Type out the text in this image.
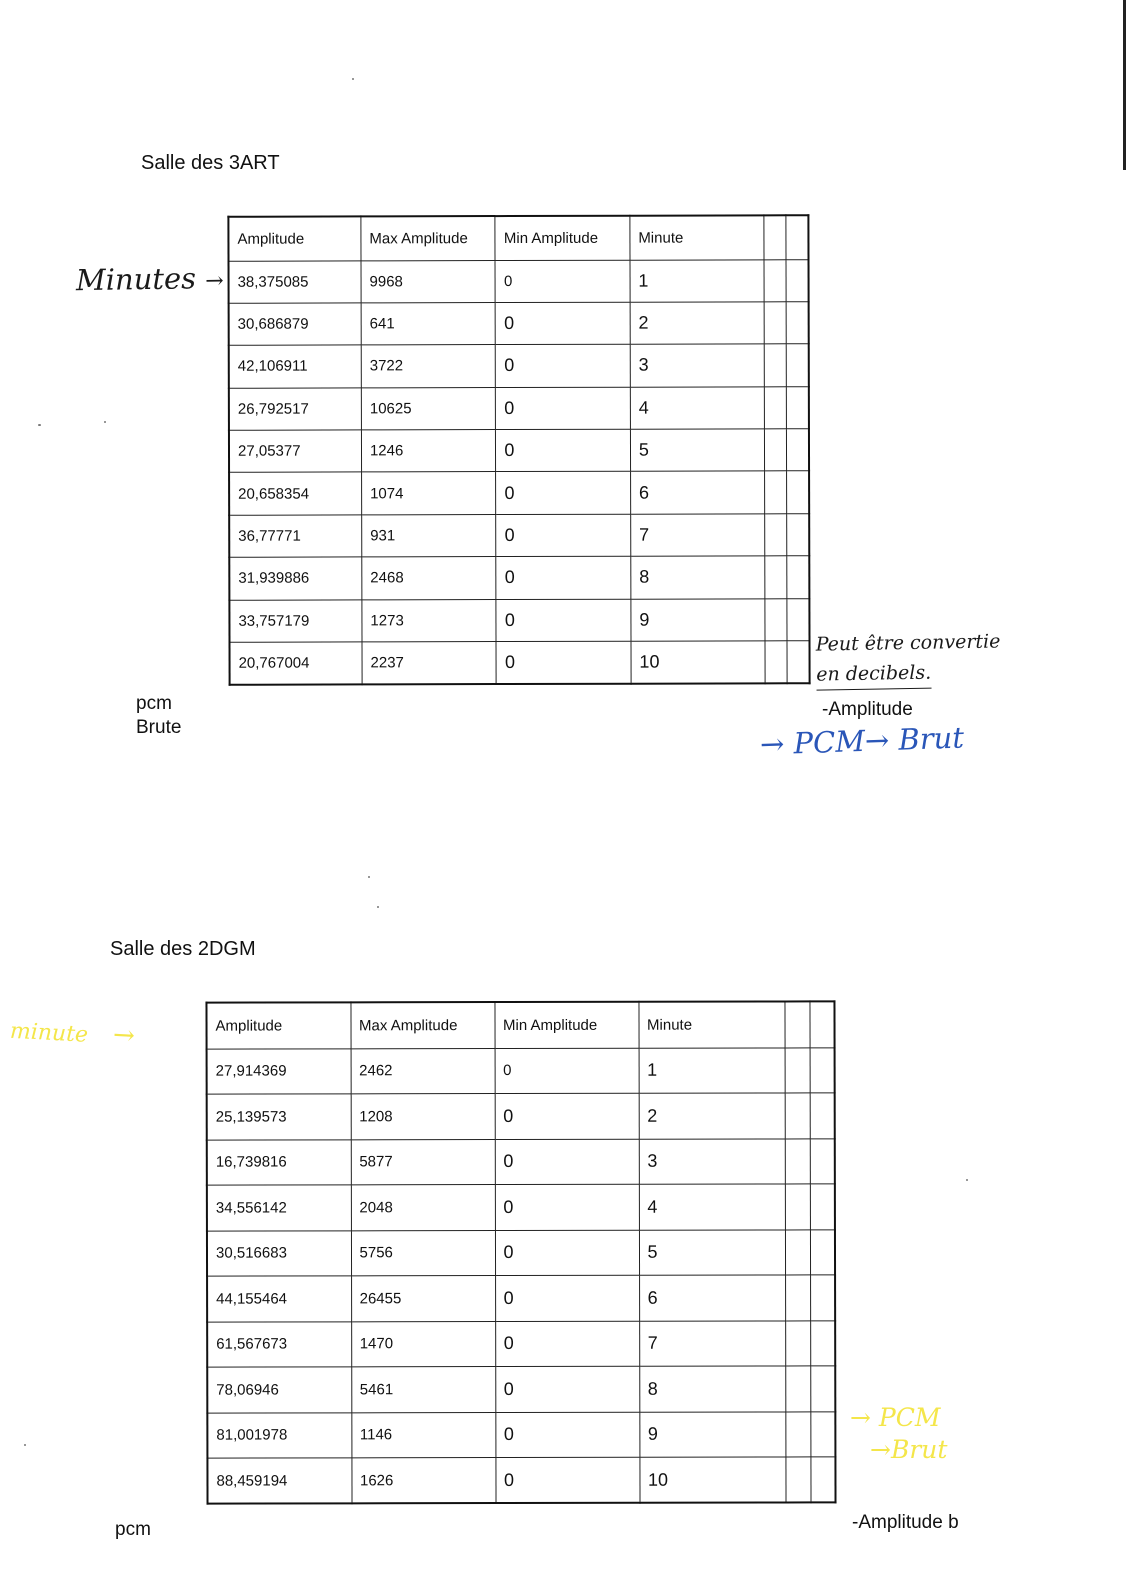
Salle des 3ART
Minutes →
Amplitude	Max Amplitude	Min Amplitude	Minute		
38,375085	9968	0	1		
30,686879	641	0	2		
42,106911	3722	0	3		
26,792517	10625	0	4		
27,05377	1246	0	5		
20,658354	1074	0	6		
36,77771	931	0	7		
31,939886	2468	0	8		
33,757179	1273	0	9		
20,767004	2237	0	10		
pcm
Brute
Peut être convertie
en decibels.
-Amplitude
→ PCM→ Brut
Salle des 2DGM
minute →	Amplitude	Max Amplitude	Min Amplitude	Minute		
27,914369	2462	0	1		
25,139573	1208	0	2		
16,739816	5877	0	3		
34,556142	2048	0	4		
30,516683	5756	0	5		
44,155464	26455	0	6		
61,567673	1470	0	7		
78,06946	5461	0	8		
81,001978	1146	0	9		
88,459194	1626	0	10		
→ PCM
→Brut
pcm	-Amplitude b
